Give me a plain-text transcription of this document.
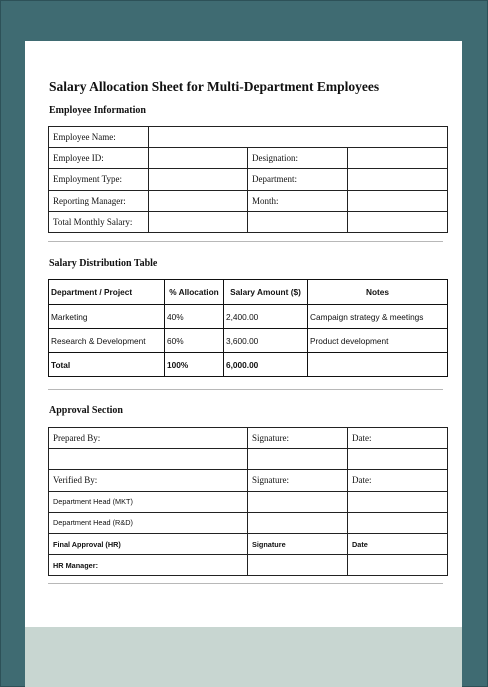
Salary Allocation Sheet for Multi-Department Employees
Employee Information
Employee Name:			
Employee ID:		Designation:	
Employment Type:		Department:	
Reporting Manager:		Month:	
Total Monthly Salary:			
Salary Distribution Table
Department / Project	% Allocation	Salary Amount ($)	Notes
Marketing	40%	2,400.00	Campaign strategy & meetings
Research & Development	60%	3,600.00	Product development
Total	100%	6,000.00	
Approval Section
Prepared By:	Signature:	Date:

Verified By:	Signature:	Date:
Department Head (MKT)		
Department Head (R&D)		
Final Approval (HR)	Signature	Date
HR Manager:		
